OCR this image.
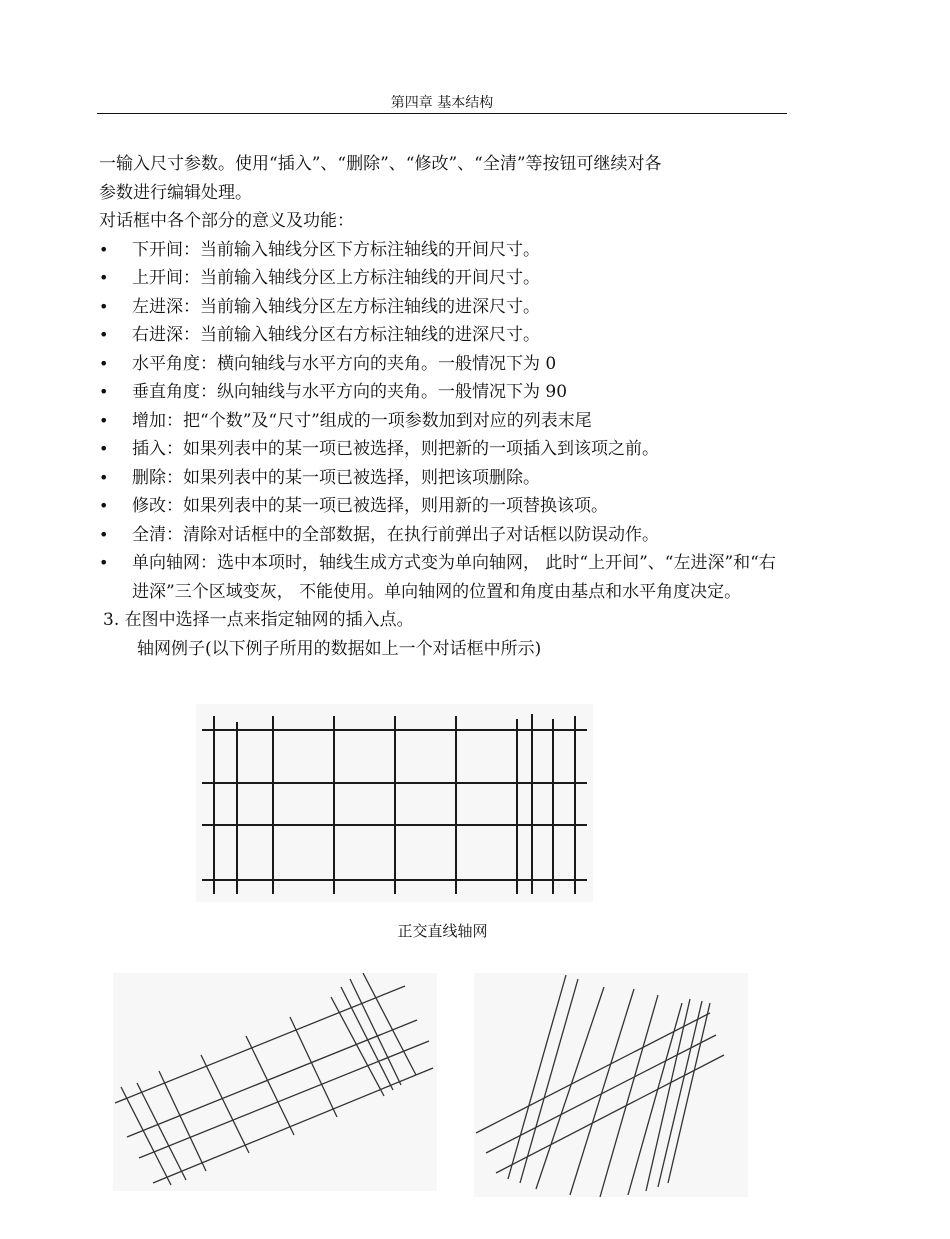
第四章 基本结构

一输入尺寸参数。使用“插入”、“删除”、“修改”、“全清”等按钮可继续对各

参数进行编辑处理。

对话框中各个部分的意义及功能：

• 下开间：当前输入轴线分区下方标注轴线的开间尺寸。
• 上开间：当前输入轴线分区上方标注轴线的开间尺寸。
• 左进深：当前输入轴线分区左方标注轴线的进深尺寸。
• 右进深：当前输入轴线分区右方标注轴线的进深尺寸。
• 水平角度：横向轴线与水平方向的夹角。一般情况下为 0
• 垂直角度：纵向轴线与水平方向的夹角。一般情况下为 90
• 增加：把“个数”及“尺寸”组成的一项参数加到对应的列表末尾
• 插入：如果列表中的某一项已被选择，则把新的一项插入到该项之前。
• 删除：如果列表中的某一项已被选择，则把该项删除。
• 修改：如果列表中的某一项已被选择，则用新的一项替换该项。
• 全清：清除对话框中的全部数据，在执行前弹出子对话框以防误动作。
• 单向轴网：选中本项时，轴线生成方式变为单向轴网， 此时“上开间”、“左进深”和“右进深”三个区域变灰， 不能使用。单向轴网的位置和角度由基点和水平角度决定。

3. 在图中选择一点来指定轴网的插入点。

轴网例子(以下例子所用的数据如上一个对话框中所示)

正交直线轴网
